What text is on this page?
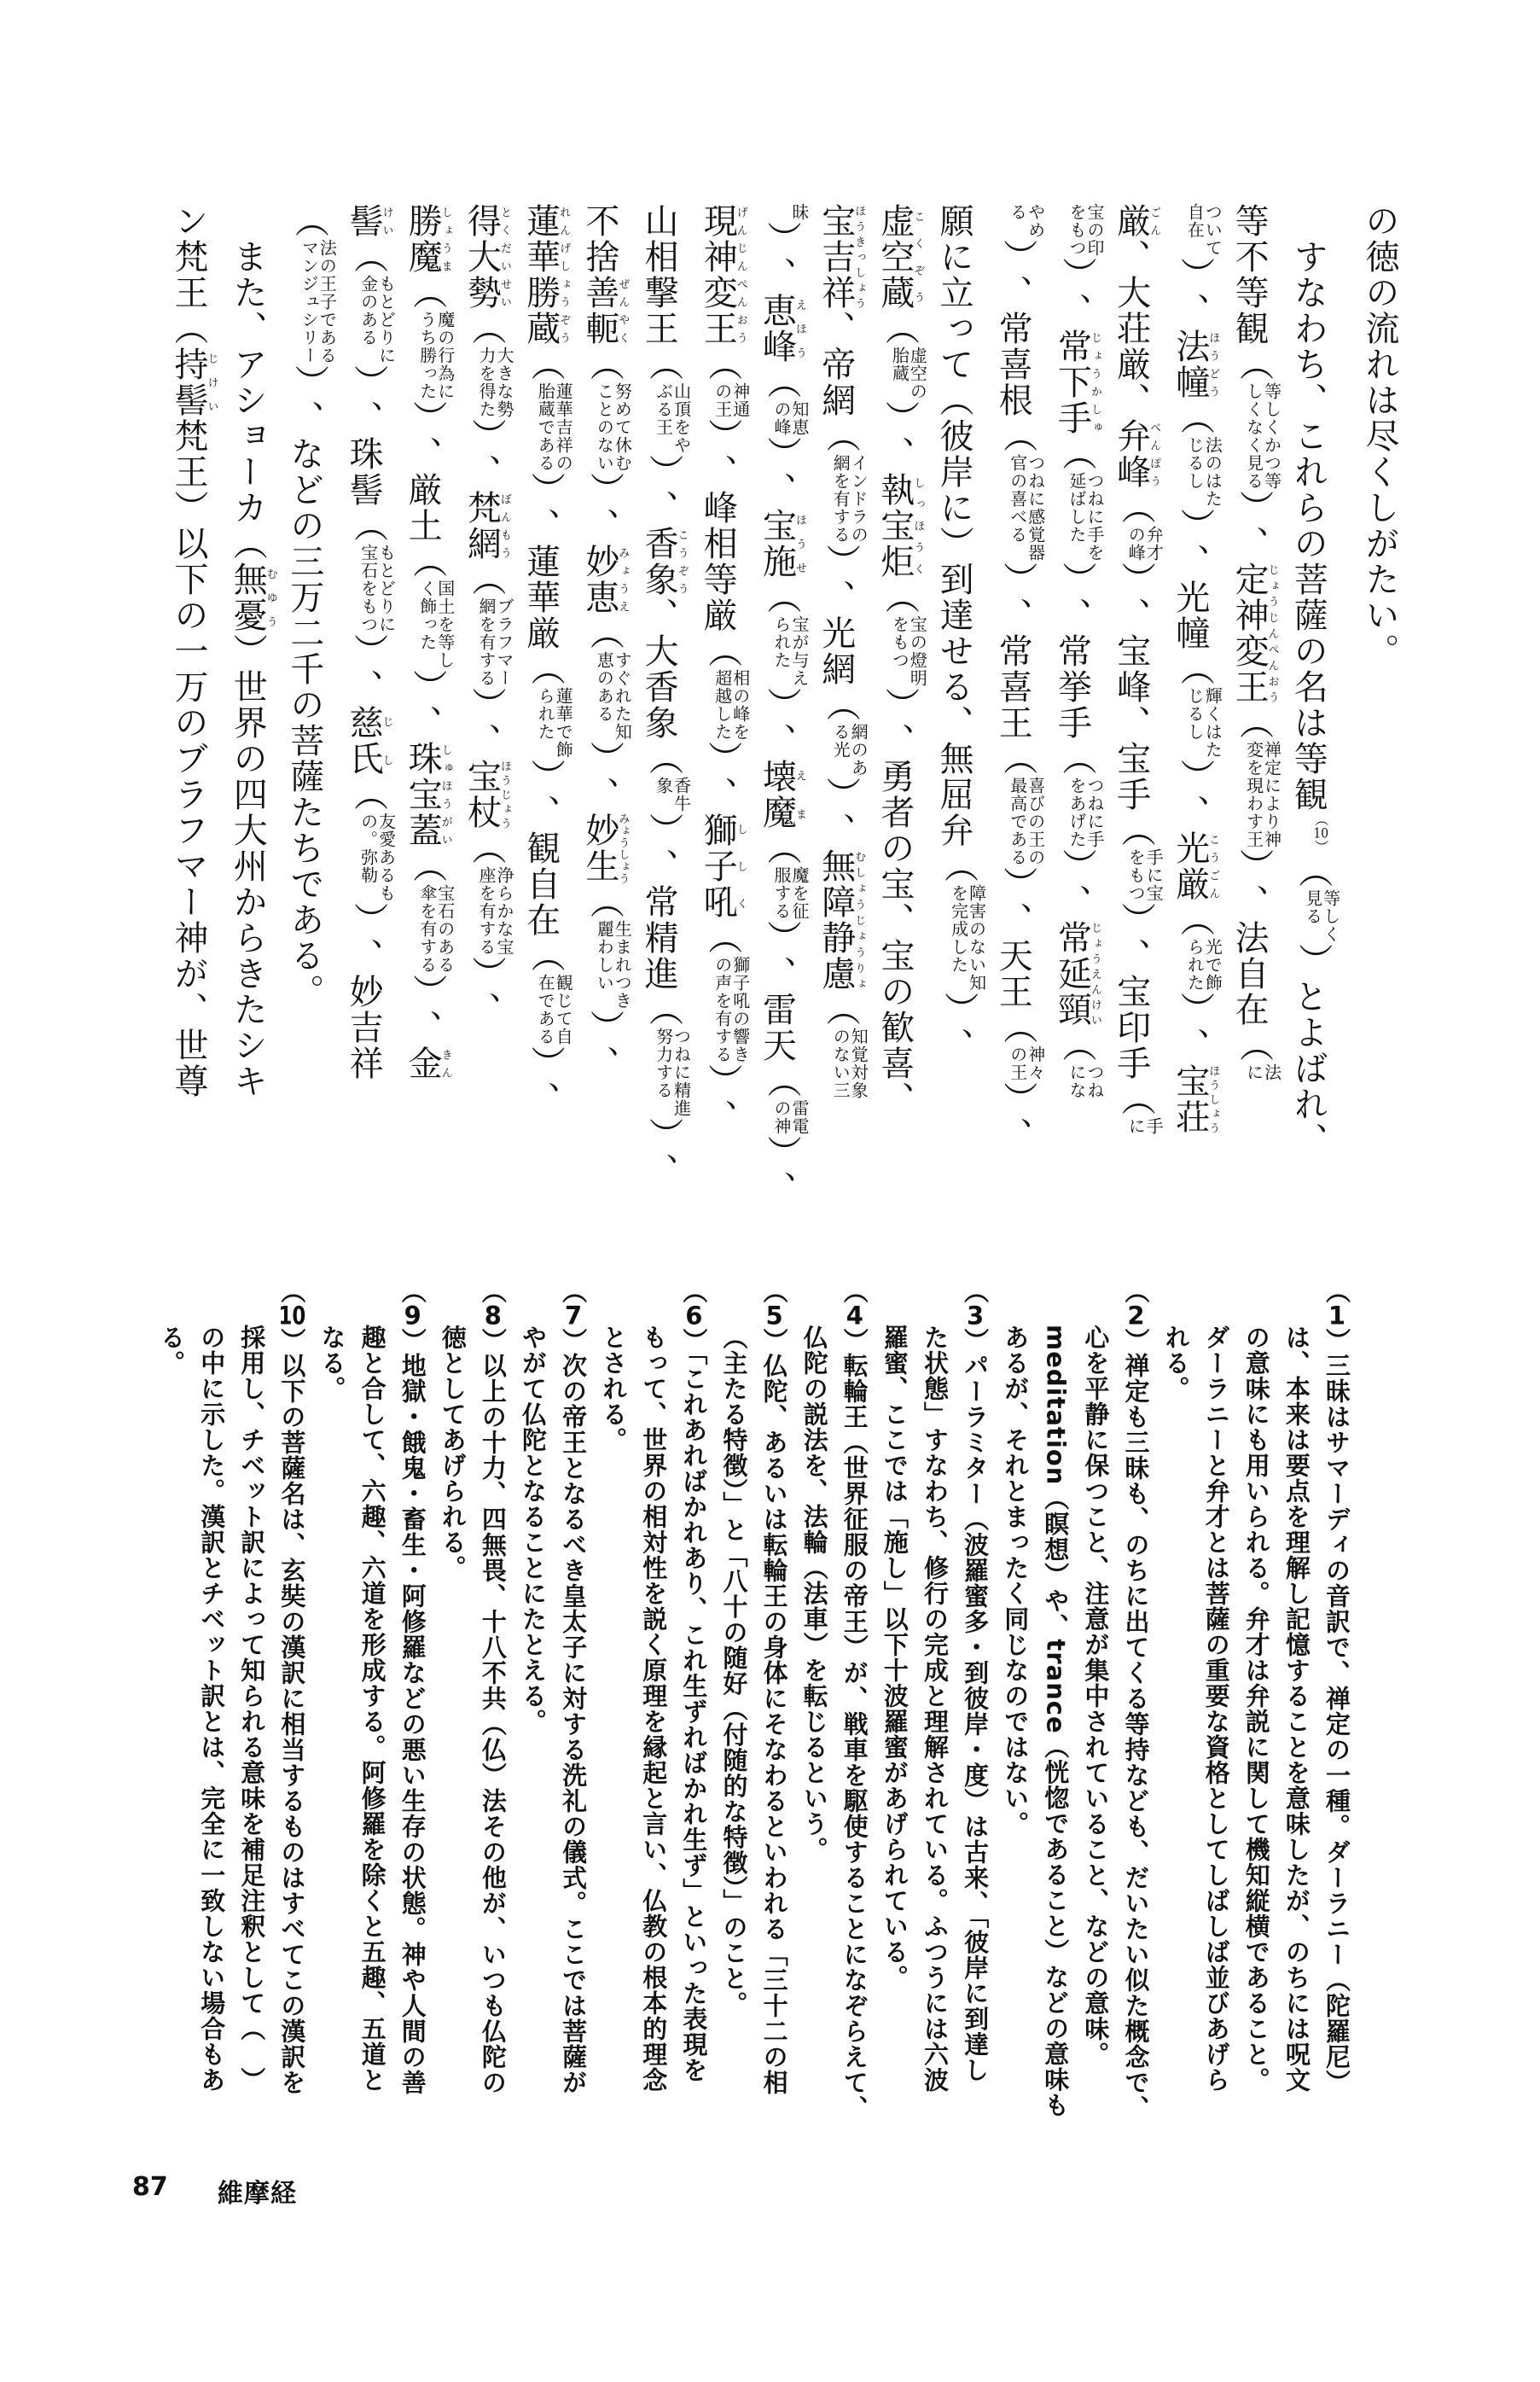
の徳の流れは尽くしがたい。
　すなわち、これらの菩薩の名は等観（ $^{10}$ ）（ 等しく見る ）とよばれ、
等不等観（ 等しくかつ等しくなく見る ）、定神変王じょうじんぺんおう（ 禅定により神変を現わす王 ）、法自在（ 法に
ついて自在 ）、法幢ほうどう（ 法のはたじるし ）、光幢（ 輝くはたじるし ）、光厳こうごん（ 光で飾られた ）、宝荘ほうしょう
厳ごん、大荘厳、弁峰べんぽう（ 弁才の峰 ）、宝峰、宝手（ 手に宝をもつ ）、宝印手（ 手に
宝の印をもつ ）、常下手じょうかしゅ（ つねに手を延ばした ）、常挙手（ つねに手をあげた ）、常延頸じょうえんけい（ つねにな
やめる ）、常喜根（ つねに感覚器官の喜べる ）、常喜王（ 喜びの王の最高である ）、天王（ 神々の王 ）、
願に立って（彼岸に）到達せる、無屈弁（ 障害のない知を完成した ）、
虚空蔵こくぞう（ 虚空の胎蔵 ）、執宝炬しっほうく（ 宝の燈明をもつ ）、勇者の宝、宝の歓喜、
宝吉祥ほうきっしょう、帝網（ インドラの網を有する ）、光網（ 網のある光 ）、無障静慮むしょうじょうりょ（ 知覚対象のない三
昧 ）、恵峰えほう（ 知恵の峰 ）、宝施ほうせ（ 宝が与えられた ）、壊魔えま（ 魔を征服する ）、雷天（ 雷電の神 ）、
現神変王げんじんぺんおう（ 神通の王 ）、峰相等厳（ 相の峰を超越した ）、獅子吼ししく（ 獅子吼の響きの声を有する ）、
山相撃王（ 山頂をやぶる王 ）、香象こうぞう、大香象（ 香牛象 ）、常精進（ つねに精進努力する ）、
不捨善軛ぜんやく（ 努めて休むことのない ）、妙恵みょうえ（ すぐれた知恵のある ）、妙生みょうしょう（ 生まれつき麗わしい ）、
蓮華勝蔵れんげしょうぞう（ 蓮華吉祥の胎蔵である ）、蓮華厳（ 蓮華で飾られた ）、観自在（ 観じて自在である ）、
得大勢とくだいせい（ 大きな勢力を得た ）、梵網ぼんもう（ ブラフマー網を有する ）、宝杖ほうじょう（ 浄らかな宝座を有する ）、
勝魔しょうま（ 魔の行為にうち勝った ）、厳土（ 国土を等しく飾った ）、珠宝蓋しゅほうがい（ 宝石のある傘を有する ）、金きん
髻けい（ もとどりに金のある ）、珠髻（ もとどりに宝石をもつ ）、慈氏じし（ 友愛あるもの。弥勒 ）、妙吉祥
（ 法の王子であるマンジュシリー ）、などの三万二千の菩薩たちである。
　また、アショーカ（無憂むゆう）世界の四大州からきたシキ
ン梵王（持髻じけい梵王）以下の一万のブラフマー神が、世尊
（ 1 ）三昧はサマーディの音訳で、禅定の一種。ダーラニー（陀羅尼）
は、本来は要点を理解し記憶することを意味したが、のちには呪文
の意味にも用いられる。弁才は弁説に関して機知縦横であること。
ダーラニーと弁才とは菩薩の重要な資格としてしばしば並びあげら
れる。
（ 2 ）禅定も三昧も、のちに出てくる等持なども、だいたい似た概念で、
心を平静に保つこと、注意が集中されていること、などの意味。
meditation（瞑想）や、trance（恍惚であること）などの意味も
あるが、それとまったく同じなのではない。
（ 3 ）パーラミター（波羅蜜多・到彼岸・度）は古来、「彼岸に到達し
た状態」すなわち、修行の完成と理解されている。ふつうには六波
羅蜜、ここでは「施し」以下十波羅蜜があげられている。
（ 4 ）転輪王（世界征服の帝王）が、戦車を駆使することになぞらえて、
仏陀の説法を、法輪（法車）を転じるという。
（ 5 ）仏陀、あるいは転輪王の身体にそなわるといわれる「三十二の相
（主たる特徴）」と「八十の随好（付随的な特徴）」のこと。
（ 6 ）「これあればかれあり、これ生ずればかれ生ず」といった表現を
もって、世界の相対性を説く原理を縁起と言い、仏教の根本的理念
とされる。
（ 7 ）次の帝王となるべき皇太子に対する洗礼の儀式。ここでは菩薩が
やがて仏陀となることにたとえる。
（ 8 ）以上の十力、四無畏、十八不共（仏）法その他が、いつも仏陀の
徳としてあげられる。
（ 9 ）地獄・餓鬼・畜生・阿修羅などの悪い生存の状態。神や人間の善
趣と合して、六趣、六道を形成する。阿修羅を除くと五趣、五道と
なる。
（ 10 ）以下の菩薩名は、玄奘の漢訳に相当するものはすべてこの漢訳を
採用し、チベット訳によって知られる意味を補足注釈として（　）
の中に示した。漢訳とチベット訳とは、完全に一致しない場合もあ
る。
87 維摩経
